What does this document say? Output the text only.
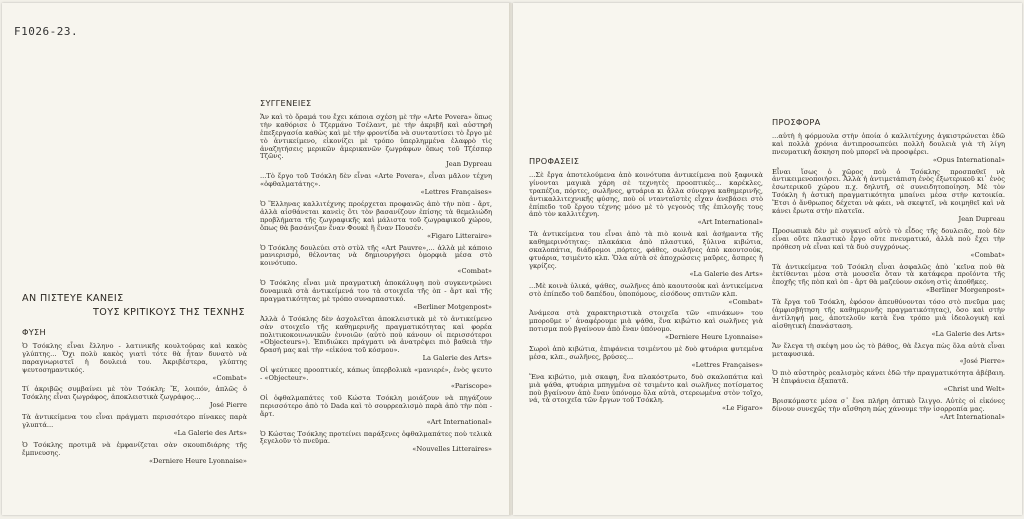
F1026-23.
ΑΝ ΠΙΣΤΕΥΕ ΚΑΝΕΙΣ
ΤΟΥΣ ΚΡΙΤΙΚΟΥΣ ΤΗΣ ΤΕΧΝΗΣ
ΦΥΣΗ

Ὁ Τσόκλης εἶναι ἔλληνο - λατινικῆς κουλτούρας καὶ κακὸς γλύπτης... Ὄχι πολὺ κακὸς γιατὶ τότε θὰ ἦταν δυνατὸ νὰ παραγνωριστεῖ ἡ δουλειά του. Ἀκριβέστερα, γλύπτης ψευτοσημαντικός.
«Combat»

Τί ἀκριβῶς συμβαίνει μὲ τὸν Τσόκλη; Ἔ, λοιπόν, ἁπλῶς ὁ Τσόκλης εἶναι ζωγράφος, ἀποκλειστικὰ ζωγράφος...
José Pierre

Τὰ ἀντικείμενα του εἶναι πράγματι περισσότερο πίνακες παρὰ γλυπτά...
«La Galerie des Arts»

Ὁ Τσόκλης προτιμᾶ νὰ ἐμφανίζεται σὰν σκουπιδιάρης τῆς ἔμπνευσης.
«Derniere Heure Lyonnaise»

ΣΥΓΓΕΝΕΙΕΣ

Ἄν καὶ τὸ ὄραμά του ἔχει κάποια σχέση μὲ τὴν «Arte Povera» ὅπως τὴν καθόρισε ὁ Τζερμάνο Τσέλαντ, μὲ τὴν ἀκριβῆ καὶ αὐστηρὴ ἐπεξεργασία καθὼς καὶ μὲ τὴν φροντίδα νὰ συνταυτίσει τὸ ἔργο μὲ τὸ ἀντικείμενο, εἰκονίζει μὲ τρόπο ὑπερλημμένα ἐλαφρὸ τὶς ἀναζητήσεις μερικῶν ἀμερικανῶν ζωγράφων ὅπως τοῦ Τζέσπερ Τζῶνς.
Jean Dypreau

...Τὸ ἔργο τοῦ Τσόκλη δὲν εἶναι «Arte Povera», εἶναι μᾶλον τέχνη «ὀφθαλματάτης».
«Lettres Françaises»

Ὁ Ἕλληνας καλλιτέχνης προέρχεται προφανῶς ἀπὸ τὴν πὸπ - ἄρτ, ἀλλὰ αἰσθάνεται κανεὶς ὅτι τὸν βασανίζουν ἐπίσης τὰ θεμελιώδη προβλήματα τῆς ζωγραφικῆς καὶ μάλιστα τοῦ ζωγραφικοῦ χώρου, ὅπως θὰ βασάνιζαν ἕναν Φουκὲ ἢ ἕναν Πουσέν.
«Figaro Litteraire»

Ὁ Τσόκλης δουλεύει στὸ στὺλ τῆς «Art Pauvre»,... ἀλλὰ μὲ κάποιο μανιερισμό, θέλοντας νὰ δημιουργήσει ὁμορφιὰ μέσα στὸ κοινότυπο.
«Combat»

Ὁ Τσόκλης εἶναι μιὰ πραγματικὴ ἀποκάλυψη ποὺ συγκεντρώνει δυναμικὰ στὰ ἀντικείμενά του τὰ στοιχεῖα τῆς ὸπ - ἄρτ καὶ τῆς πραγματικότητας μὲ τρόπο συναρπαστικό.
«Berliner Motgenpost»

Ἀλλὰ ὁ Τσόκλης δὲν ἀσχολεῖται ἀποκλειστικὰ μὲ τὸ ἀντικείμενο σὰν στοιχεῖο τῆς καθημερινῆς πραγματικότητας καὶ φορέα πολιτικοκοινωνικῶν ἐννοιῶν (αὐτὸ ποὺ κάνουν οἱ περισσότεροι «Objecteurs»). Ἐπιδιώκει πράγματι νὰ ἀνατρέψει πιὸ βαθειὰ τὴν δρασή μας καὶ τὴν «εἰκόνα τοῦ κόσμου».
La Galerie des Arts»

Οἱ ψεύτικες προοπτικές, κάπως ὑπερβολικὰ «μανιερέ», ἐνὸς ψευτο - «Objecteur».
«Pariscope»

Οἱ ὀφθαλμαπάτες τοῦ Κώστα Τσόκλη μοιάζουν νὰ πηγάζουν περισσότερο ἀπὸ τὸ Dada καὶ τὸ σουρρεαλισμὸ παρὰ ἀπὸ τὴν πὸπ - ἄρτ.
«Art International»

Ὁ Κώστας Τσόκλης προτείνει παράξενες ὀφθαλμαπάτες ποὺ τελικὰ ξεγελοῦν τὸ πνεῦμα.
«Nouvelles Litteraires»

ΠΡΟΦΑΣΕΙΣ

...Σὲ ἔργα ἀποτελούμενα ἀπὸ κοινότυπα ἀντικείμενα ποὺ ξαφνικὰ γίνονται μαγικὰ χάρη σὲ τεχνητὲς προοπτικές... καρέκλες, τραπέζια, πόρτες, σωλῆνες, φτυάρια κι ἄλλα σύνεργα καθημερινῆς, ἀντικαλλιτεχνικῆς φύσης, ποὺ οἱ ντανταϊστὲς εἶχαν ἀνεβάσει στὸ ἐπίπεδο τοῦ ἔργου τέχνης μόνο μὲ τὸ γεγονὸς τῆς ἐπιλογῆς τους ἀπὸ τὸν καλλιτέχνη.
«Art International»

Τὰ ἀντικείμενα του εἶναι ἀπὸ τὰ πιὸ κοινὰ καὶ ἀσήμαντα τῆς καθημερινότητας: πλακάκια ἀπὸ πλαστικό, ξύλινα κιβώτια, σκαλοπάτια, διάδρομοι ,πόρτες, φάθες, σωλῆνες ἀπὸ καουτσούκ, φτυάρια, τσιμέντο κλπ. Ὅλα αὐτὰ σὲ ἀποχρώσεις μαῦρες, ἄσπρες ἢ γκρίζες.
«La Galerie des Arts»

...Μὲ κοινὰ ὑλικά, ψάθες, σωλῆνες ἀπὸ καουτσοὺκ καὶ ἀντικείμενα στὸ ἐπίπεδο τοῦ δαπέδου, ὑποπόμους, εἰσόδους σπιτιῶν κλπ.
«Combat»

Ἀνάμεσα στὰ χαρακτηριστικὰ στοιχεῖα τῶν «πινάκων» του μποροῦμε ν᾿ ἀναφέρουμε μιὰ ψάθα, ἕνα κιβώτιο καὶ σωλῆνες γιὰ ποτισμα ποὺ βγαίνουν ἀπὸ ἕναν ὑπόνομο.
«Derniere Heure Lyonnaise»

Σωροὶ ἀπὸ κιβώτια, ἐπιφάνεια τσιμέντου μὲ δυὸ φτυάρια φυτεμένα μέσα, κλπ., σωλῆνες, βρύσες...
«Lettres Françaises»

Ἕνα κιβώτιο, μιὰ σκαφη, ἕνα πλακόστρωτο, δυὸ σκαλοπάτια καὶ μιὰ ψάθα, φτυάρια μπηγμένα σὲ τσιμέντο καὶ σωλῆνες ποτίσματος ποὺ βγαίνουν ἀπὸ ἕναν ὑπόνομο ὅλα αὐτὰ, στερεωμένα στὸν τοῖχο, νά, τὰ στοιχεῖα τῶν ἔργων τοῦ Τσόκλη.
«Le Figaro»

ΠΡΟΣΦΟΡΑ

...αὐτὴ ἡ φόρμουλα στὴν ὁποία ὁ καλλιτέχνης ἀγκιστρώνεται ἐδῶ καὶ πολλὰ χρόνια ἀντιπροσωπεύει πολλὴ δουλειὰ γιὰ τὴ λίγη πνευματικὴ ἄσκηση ποὺ μπορεῖ νὰ προσφέρει.
«Opus International»

Εἶναι ἴσως ὁ χῶρος ποὺ ὁ Τσόκλης προσπαθεῖ νὰ ἀντικειμενοποιήσει. Ἀλλὰ ἡ ἀντιμετάπιση ἐνὸς ἐξωτερικοῦ κι᾿ ἐνὸς ἐσωτερικοῦ χώρου π.χ. δηλυτῆ, σὲ συνειδητοποίηση. Μὲ τὸν Τσόκλη ἡ ἀστικὴ πραγματικότητα μπαίνει μέσα στὴν κατοικία. Ἔτσι ὁ ἄνθρωπος δέχεται νὰ φάει, νὰ σκεφτεῖ, νὰ κοιμηθεῖ καὶ νὰ κάνει ἔρωτα στὴν πλατεῖα.
Jean Dupreau

Προσωπικὰ δὲν μὲ συγκινεῖ αὐτὸ τὸ εἶδος τῆς δουλειᾶς, ποὺ δὲν εἶναι οὔτε πλαστικὸ ἔργο οὔτε πνευματικό, ἀλλὰ ποὺ ἔχει τὴν πρόθεση νὰ εἶναι καὶ τὰ δυὸ συγχρόνως.
«Combat»

Τὰ ἀντικείμενα τοῦ Τσόκλη εἶναι ἀσφαλῶς ἀπὸ ᾿κεῖνα ποὺ θὰ ἐκτίθενται μέσα στὰ μουσεῖα ὅταν τὰ κατάφερα προϊόντα τῆς ἐποχῆς τῆς πὸπ καὶ ὸπ - ἄρτ θὰ μαζεύουν σκόνη στὶς ἀποθῆκες.
«Berliner Morgenpost»

Τὰ ἔργα τοῦ Τσόκλη, ἐφόσον ἀπευθύνονται τόσο στὸ πνεῦμα μας (ἀμφισβήτηση τῆς καθημερινῆς πραγματικότητας), ὅσο καὶ στὴν ἀντίληψή μας, ἀποτελοῦν κατὰ ἕνα τρόπο μιὰ ἰδεολογικὴ καὶ αἰσθητικὴ ἐπανάσταση.
«La Galerie des Arts»

Ἄν ἔλεγα τὴ σκέψη μου ὡς τὸ βάθος, θὰ ἔλεγα πὼς ὅλα αὐτὰ εἶναι μεταφυσικά.
«José Pierre»

Ὁ πιὸ αὐστηρὸς ρεαλισμὸς κάνει ἐδῶ τὴν πραγματικότητα ἀβέβαιη. Ἡ ἐπιφάνεια ἐξαπατᾶ.
«Christ und Welt»

Βρισκόμαστε μέσα σ᾿ ἕνα πλήρη ὀπτικὸ ἴλιγγο. Αὐτὲς οἱ εἰκόνες δίνουν συνεχῶς τὴν αἴσθηση πὼς χάνουμε τὴν ἰσορροπία μας.
«Art International»
